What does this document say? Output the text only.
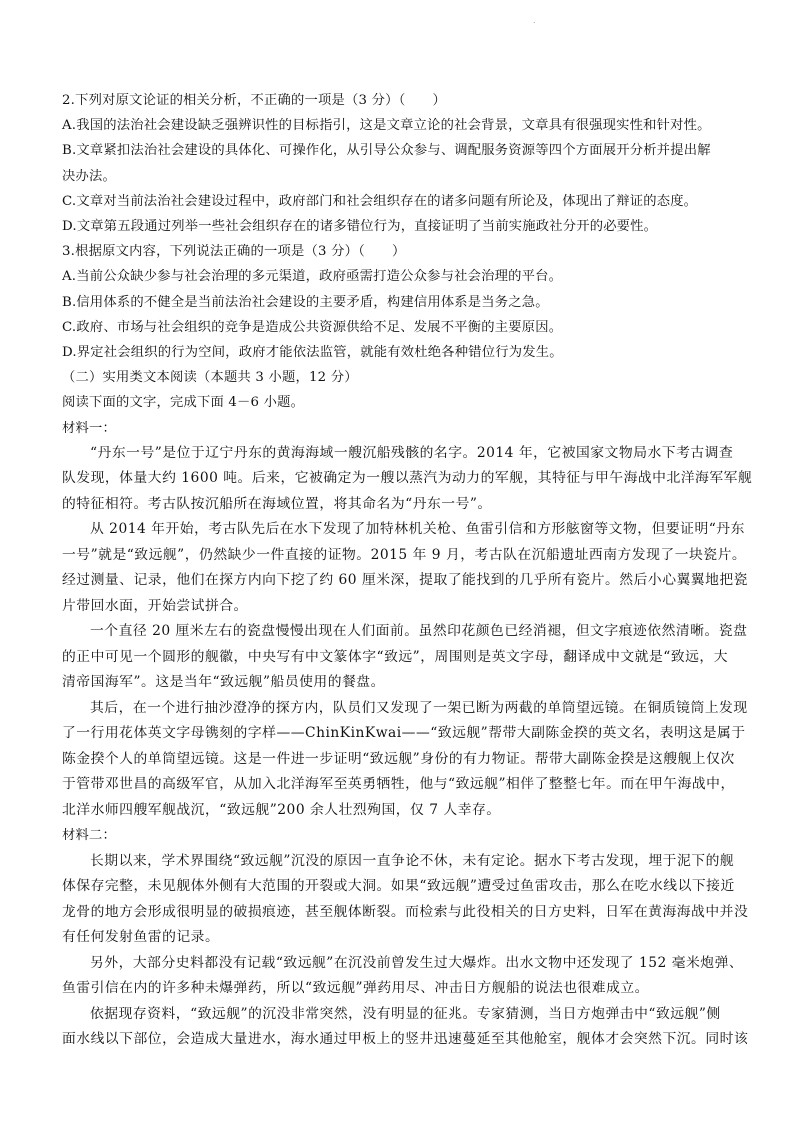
.
2.下列对原文论证的相关分析，不正确的一项是（3 分）（　　）
A.我国的法治社会建设缺乏强辨识性的目标指引，这是文章立论的社会背景，文章具有很强现实性和针对性。
B.文章紧扣法治社会建设的具体化、可操作化，从引导公众参与、调配服务资源等四个方面展开分析并提出解
决办法。
C.文章对当前法治社会建设过程中，政府部门和社会组织存在的诸多问题有所论及，体现出了辩证的态度。
D.文章第五段通过列举一些社会组织存在的诸多错位行为，直接证明了当前实施政社分开的必要性。
3.根据原文内容，下列说法正确的一项是（3 分）（　　）
A.当前公众缺少参与社会治理的多元渠道，政府亟需打造公众参与社会治理的平台。
B.信用体系的不健全是当前法治社会建设的主要矛盾，构建信用体系是当务之急。
C.政府、市场与社会组织的竞争是造成公共资源供给不足、发展不平衡的主要原因。
D.界定社会组织的行为空间，政府才能依法监管，就能有效杜绝各种错位行为发生。
（二）实用类文本阅读（本题共 3 小题，12 分）
阅读下面的文字，完成下面 4－6 小题。
材料一：
“丹东一号”是位于辽宁丹东的黄海海域一艘沉船残骸的名字。2014 年，它被国家文物局水下考古调查
队发现，体量大约 1600 吨。后来，它被确定为一艘以蒸汽为动力的军舰，其特征与甲午海战中北洋海军军舰
的特征相符。考古队按沉船所在海域位置，将其命名为“丹东一号”。
从 2014 年开始，考古队先后在水下发现了加特林机关枪、鱼雷引信和方形舷窗等文物，但要证明“丹东
一号”就是“致远舰”，仍然缺少一件直接的证物。2015 年 9 月，考古队在沉船遗址西南方发现了一块瓷片。
经过测量、记录，他们在探方内向下挖了约 60 厘米深，提取了能找到的几乎所有瓷片。然后小心翼翼地把瓷
片带回水面，开始尝试拼合。
一个直径 20 厘米左右的瓷盘慢慢出现在人们面前。虽然印花颜色已经消褪，但文字痕迹依然清晰。瓷盘
的正中可见一个圆形的舰徽，中央写有中文篆体字“致远”，周围则是英文字母，翻译成中文就是“致远，大
清帝国海军”。这是当年“致远舰”船员使用的餐盘。
其后，在一个进行抽沙澄净的探方内，队员们又发现了一架已断为两截的单筒望远镜。在铜质镜筒上发现
了一行用花体英文字母镌刻的字样——ChinKinKwai——“致远舰”帮带大副陈金揆的英文名，表明这是属于
陈金揆个人的单筒望远镜。这是一件进一步证明“致远舰”身份的有力物证。帮带大副陈金揆是这艘舰上仅次
于管带邓世昌的高级军官，从加入北洋海军至英勇牺牲，他与“致远舰”相伴了整整七年。而在甲午海战中，
北洋水师四艘军舰战沉，“致远舰”200 余人壮烈殉国，仅 7 人幸存。
材料二：
长期以来，学术界围绕“致远舰”沉没的原因一直争论不休，未有定论。据水下考古发现，埋于泥下的舰
体保存完整，未见舰体外侧有大范围的开裂或大洞。如果“致远舰”遭受过鱼雷攻击，那么在吃水线以下接近
龙骨的地方会形成很明显的破损痕迹，甚至舰体断裂。而检索与此役相关的日方史料，日军在黄海海战中并没
有任何发射鱼雷的记录。
另外，大部分史料都没有记载“致远舰”在沉没前曾发生过大爆炸。出水文物中还发现了 152 毫米炮弹、
鱼雷引信在内的许多种未爆弹药，所以“致远舰”弹药用尽、冲击日方舰船的说法也很难成立。
依据现存资料，“致远舰”的沉没非常突然，没有明显的征兆。专家猜测，当日方炮弹击中“致远舰”侧
面水线以下部位，会造成大量进水，海水通过甲板上的竖井迅速蔓延至其他舱室，舰体才会突然下沉。同时该
